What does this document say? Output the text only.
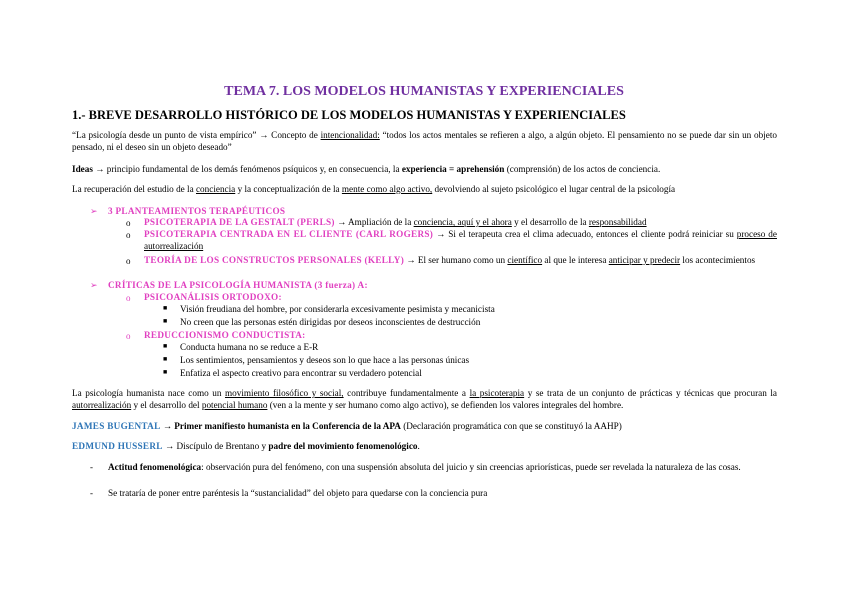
TEMA 7. LOS MODELOS HUMANISTAS Y EXPERIENCIALES
1.- BREVE DESARROLLO HISTÓRICO DE LOS MODELOS HUMANISTAS Y EXPERIENCIALES
“La psicología desde un punto de vista empírico” → Concepto de intencionalidad: “todos los actos mentales se refieren a algo, a algún objeto. El pensamiento no se puede dar sin un objeto pensado, ni el deseo sin un objeto deseado”
Ideas → principio fundamental de los demás fenómenos psíquicos y, en consecuencia, la experiencia = aprehensión (comprensión) de los actos de conciencia.
La recuperación del estudio de la conciencia y la conceptualización de la mente como algo activo, devolviendo al sujeto psicológico el lugar central de la psicología
➢ 3 PLANTEAMIENTOS TERAPÉUTICOS
o PSICOTERAPIA DE LA GESTALT (PERLS) → Ampliación de la conciencia, aquí y el ahora y el desarrollo de la responsabilidad
o PSICOTERAPIA CENTRADA EN EL CLIENTE (CARL ROGERS) → Si el terapeuta crea el clima adecuado, entonces el cliente podrá reiniciar su proceso de autorrealización
o TEORÍA DE LOS CONSTRUCTOS PERSONALES (KELLY) → El ser humano como un científico al que le interesa anticipar y predecir los acontecimientos
➢ CRÍTICAS DE LA PSICOLOGÍA HUMANISTA (3 fuerza) A:
o PSICOANÁLISIS ORTODOXO:
■ Visión freudiana del hombre, por considerarla excesivamente pesimista y mecanicista
■ No creen que las personas estén dirigidas por deseos inconscientes de destrucción
o REDUCCIONISMO CONDUCTISTA:
■ Conducta humana no se reduce a E-R
■ Los sentimientos, pensamientos y deseos son lo que hace a las personas únicas
■ Enfatiza el aspecto creativo para encontrar su verdadero potencial
La psicología humanista nace como un movimiento filosófico y social, contribuye fundamentalmente a la psicoterapia y se trata de un conjunto de prácticas y técnicas que procuran la autorrealización y el desarrollo del potencial humano (ven a la mente y ser humano como algo activo), se defienden los valores integrales del hombre.
JAMES BUGENTAL → Primer manifiesto humanista en la Conferencia de la APA (Declaración programática con que se constituyó la AAHP)
EDMUND HUSSERL → Discípulo de Brentano y padre del movimiento fenomenológico.
- Actitud fenomenológica: observación pura del fenómeno, con una suspensión absoluta del juicio y sin creencias apriorísticas, puede ser revelada la naturaleza de las cosas.
- Se trataría de poner entre paréntesis la “sustancialidad” del objeto para quedarse con la conciencia pura
